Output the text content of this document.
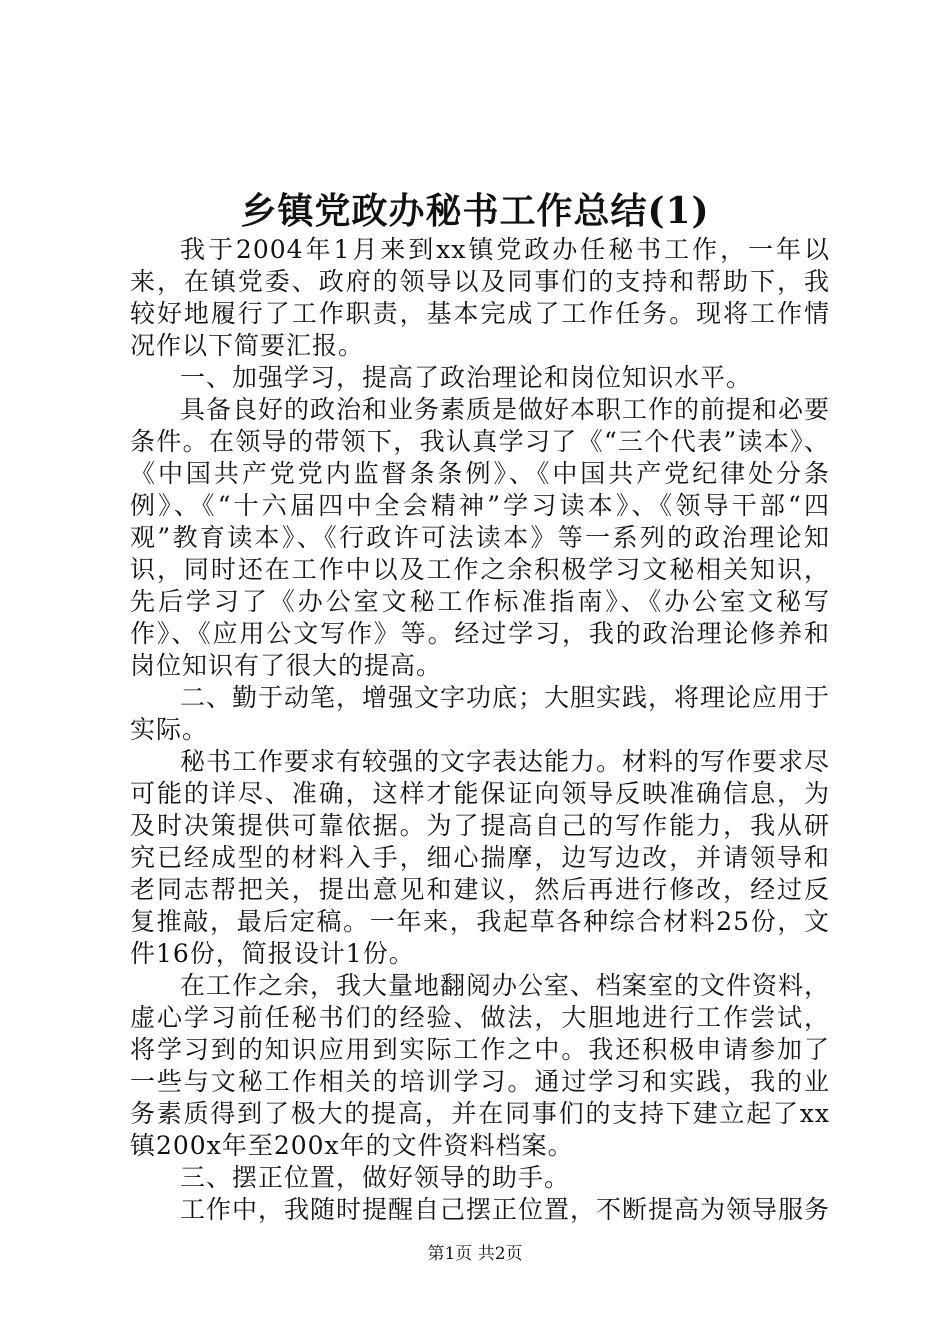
乡镇党政办秘书工作总结(1)

我于2004年1月来到xx镇党政办任秘书工作，一年以来，在镇党委、政府的领导以及同事们的支持和帮助下，我较好地履行了工作职责，基本完成了工作任务。现将工作情况作以下简要汇报。

一、加强学习，提高了政治理论和岗位知识水平。

具备良好的政治和业务素质是做好本职工作的前提和必要条件。在领导的带领下，我认真学习了《“三个代表”读本》、《中国共产党党内监督条条例》、《中国共产党纪律处分条例》、《“十六届四中全会精神”学习读本》、《领导干部“四观”教育读本》、《行政许可法读本》等一系列的政治理论知识，同时还在工作中以及工作之余积极学习文秘相关知识，先后学习了《办公室文秘工作标准指南》、《办公室文秘写作》、《应用公文写作》等。经过学习，我的政治理论修养和岗位知识有了很大的提高。

二、勤于动笔，增强文字功底；大胆实践，将理论应用于实际。

秘书工作要求有较强的文字表达能力。材料的写作要求尽可能的详尽、准确，这样才能保证向领导反映准确信息，为及时决策提供可靠依据。为了提高自己的写作能力，我从研究已经成型的材料入手，细心揣摩，边写边改，并请领导和老同志帮把关，提出意见和建议，然后再进行修改，经过反复推敲，最后定稿。一年来，我起草各种综合材料25份，文件16份，简报设计1份。

在工作之余，我大量地翻阅办公室、档案室的文件资料，虚心学习前任秘书们的经验、做法，大胆地进行工作尝试，将学习到的知识应用到实际工作之中。我还积极申请参加了一些与文秘工作相关的培训学习。通过学习和实践，我的业务素质得到了极大的提高，并在同事们的支持下建立起了xx镇200x年至200x年的文件资料档案。

三、摆正位置，做好领导的助手。

工作中，我随时提醒自己摆正位置，不断提高为领导服务

第1页 共2页
